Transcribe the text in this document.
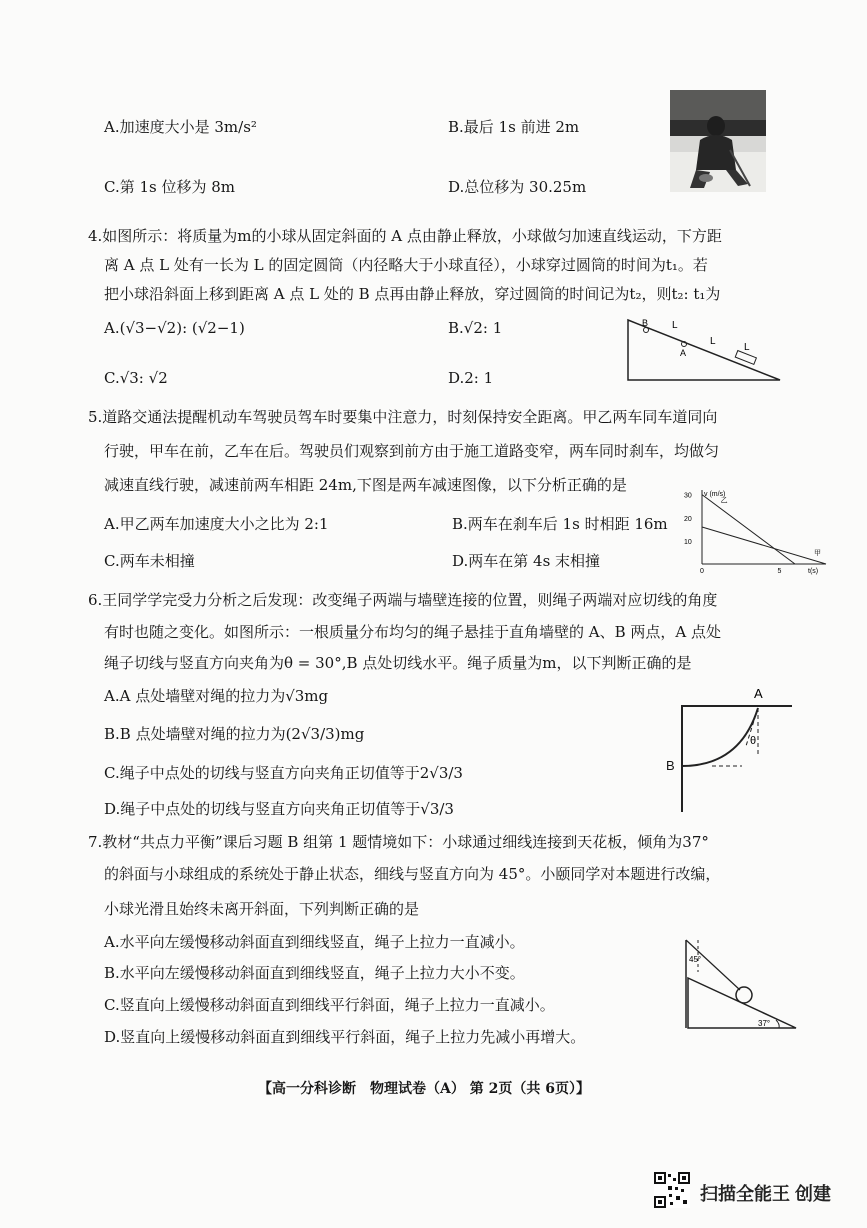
A.加速度大小是 3m/s²	B.最后 1s 前进 2m
C.第 1s 位移为 8m	D.总位移为 30.25m
4.如图所示：将质量为m的小球从固定斜面的 A 点由静止释放，小球做匀加速直线运动，下方距
离 A 点 L 处有一长为 L 的固定圆筒（内径略大于小球直径），小球穿过圆筒的时间为t₁。若
把小球沿斜面上移到距离 A 点 L 处的 B 点再由静止释放，穿过圆筒的时间记为t₂，则t₂: t₁为
A.(√3−√2): (√2−1)	B.√2: 1
C.√3: √2	D.2: 1
B
A
L
L
L
5.道路交通法提醒机动车驾驶员驾车时要集中注意力，时刻保持安全距离。甲乙两车同车道同向
行驶，甲车在前，乙车在后。驾驶员们观察到前方由于施工道路变窄，两车同时刹车，均做匀
减速直线行驶，减速前两车相距 24m,下图是两车减速图像，以下分析正确的是
A.甲乙两车加速度大小之比为 2:1	B.两车在刹车后 1s 时相距 16m
C.两车未相撞	D.两车在第 4s 末相撞
v (m/s)
t(s)
10
20
30
0	5
乙
甲
6.王同学学完受力分析之后发现：改变绳子两端与墙壁连接的位置，则绳子两端对应切线的角度
有时也随之变化。如图所示：一根质量分布均匀的绳子悬挂于直角墙壁的 A、B 两点，A 点处
绳子切线与竖直方向夹角为θ = 30°,B 点处切线水平。绳子质量为m，以下判断正确的是
A.A 点处墙壁对绳的拉力为√3mg
B.B 点处墙壁对绳的拉力为(2√3/3)mg
C.绳子中点处的切线与竖直方向夹角正切值等于2√3/3
D.绳子中点处的切线与竖直方向夹角正切值等于√3/3
θ
A
B
7.教材“共点力平衡”课后习题 B 组第 1 题情境如下：小球通过细线连接到天花板，倾角为37°
的斜面与小球组成的系统处于静止状态，细线与竖直方向为 45°。小颐同学对本题进行改编，
小球光滑且始终未离开斜面，下列判断正确的是
A.水平向左缓慢移动斜面直到细线竖直，绳子上拉力一直减小。
B.水平向左缓慢移动斜面直到细线竖直，绳子上拉力大小不变。
C.竖直向上缓慢移动斜面直到细线平行斜面，绳子上拉力一直减小。
D.竖直向上缓慢移动斜面直到细线平行斜面，绳子上拉力先减小再增大。
45°
37°
【高一分科诊断　物理试卷（A） 第 2页（共 6页）】
扫描全能王 创建
